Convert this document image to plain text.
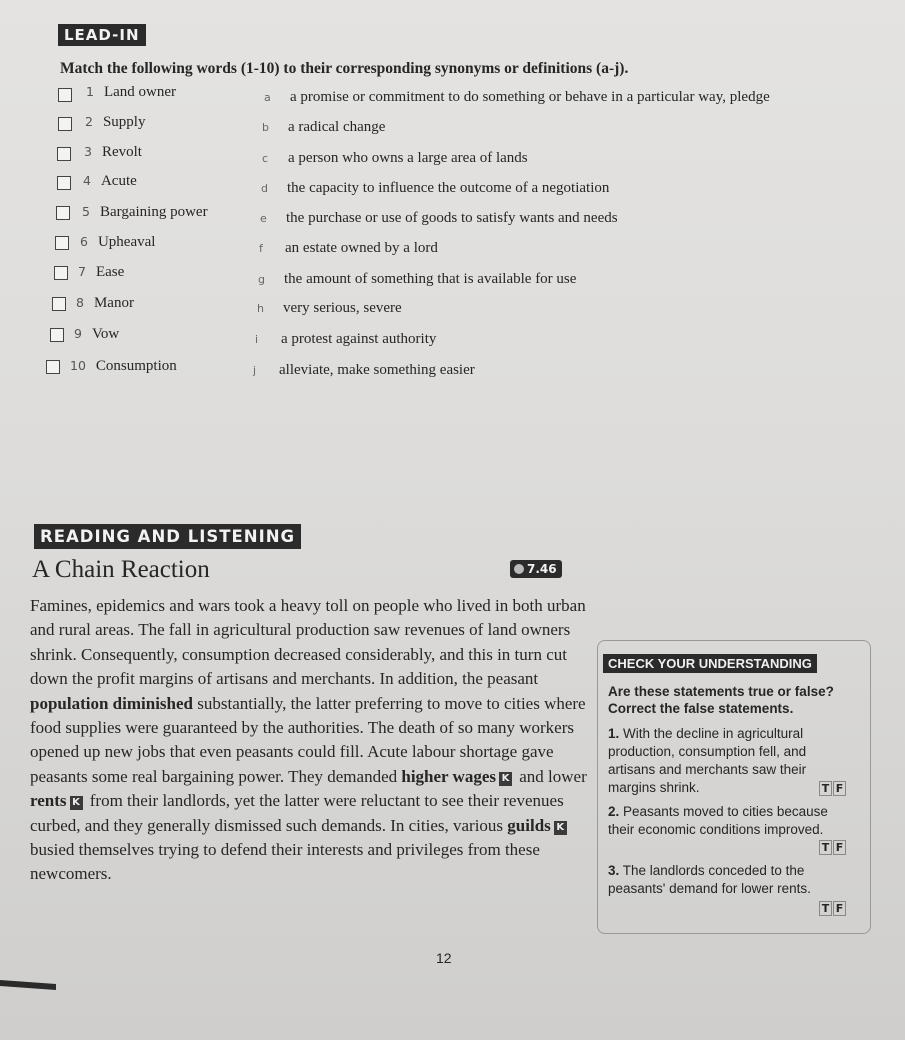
LEAD-IN
Match the following words (1-10) to their corresponding synonyms or definitions (a-j).
1 Land owner
2 Supply
3 Revolt
4 Acute
5 Bargaining power
6 Upheaval
7 Ease
8 Manor
9 Vow
10 Consumption
a a promise or commitment to do something or behave in a particular way, pledge
b a radical change
c a person who owns a large area of lands
d the capacity to influence the outcome of a negotiation
e the purchase or use of goods to satisfy wants and needs
f an estate owned by a lord
g the amount of something that is available for use
h very serious, severe
i a protest against authority
j alleviate, make something easier
READING AND LISTENING
A Chain Reaction	7.46

Famines, epidemics and wars took a heavy toll on people who lived in both urban and rural areas. The fall in agricultural production saw revenues of land owners shrink. Consequently, consumption decreased considerably, and this in turn cut down the profit margins of artisans and merchants. In addition, the peasant population diminished substantially, the latter preferring to move to cities where food supplies were guaranteed by the authorities. The death of so many workers opened up new jobs that even peasants could fill. Acute labour shortage gave peasants some real bargaining power. They demanded higher wages K and lower rents K from their landlords, yet the latter were reluctant to see their revenues curbed, and they generally dismissed such demands. In cities, various guilds K busied themselves trying to defend their interests and privileges from these newcomers.

CHECK YOUR UNDERSTANDING
Are these statements true or false? Correct the false statements.
1. With the decline in agricultural production, consumption fell, and artisans and merchants saw their margins shrink.	T F
2. Peasants moved to cities because their economic conditions improved.
T F
3. The landlords conceded to the peasants' demand for lower rents.
T F
12
